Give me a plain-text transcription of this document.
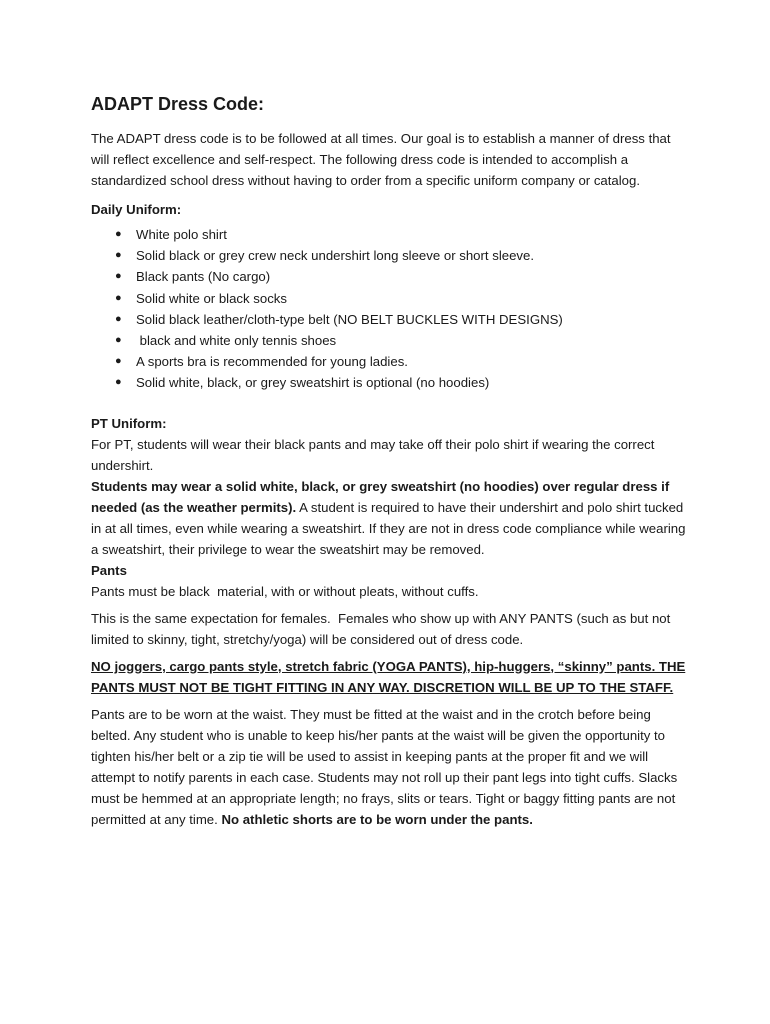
ADAPT Dress Code:

The ADAPT dress code is to be followed at all times. Our goal is to establish a manner of dress that will reflect excellence and self-respect. The following dress code is intended to accomplish a standardized school dress without having to order from a specific uniform company or catalog.

Daily Uniform:

● White polo shirt
● Solid black or grey crew neck undershirt long sleeve or short sleeve.
● Black pants (No cargo)
● Solid white or black socks
● Solid black leather/cloth-type belt (NO BELT BUCKLES WITH DESIGNS)
● black and white only tennis shoes
● A sports bra is recommended for young ladies.
● Solid white, black, or grey sweatshirt is optional (no hoodies)

PT Uniform:

For PT, students will wear their black pants and may take off their polo shirt if wearing the correct undershirt.

Students may wear a solid white, black, or grey sweatshirt (no hoodies) over regular dress if needed (as the weather permits). A student is required to have their undershirt and polo shirt tucked in at all times, even while wearing a sweatshirt. If they are not in dress code compliance while wearing a sweatshirt, their privilege to wear the sweatshirt may be removed.

Pants

Pants must be black  material, with or without pleats, without cuffs.

This is the same expectation for females.  Females who show up with ANY PANTS (such as but not limited to skinny, tight, stretchy/yoga) will be considered out of dress code.

NO joggers, cargo pants style, stretch fabric (YOGA PANTS), hip-huggers, “skinny” pants. THE PANTS MUST NOT BE TIGHT FITTING IN ANY WAY. DISCRETION WILL BE UP TO THE STAFF.

Pants are to be worn at the waist. They must be fitted at the waist and in the crotch before being belted. Any student who is unable to keep his/her pants at the waist will be given the opportunity to tighten his/her belt or a zip tie will be used to assist in keeping pants at the proper fit and we will attempt to notify parents in each case. Students may not roll up their pant legs into tight cuffs. Slacks must be hemmed at an appropriate length; no frays, slits or tears. Tight or baggy fitting pants are not permitted at any time. No athletic shorts are to be worn under the pants.
